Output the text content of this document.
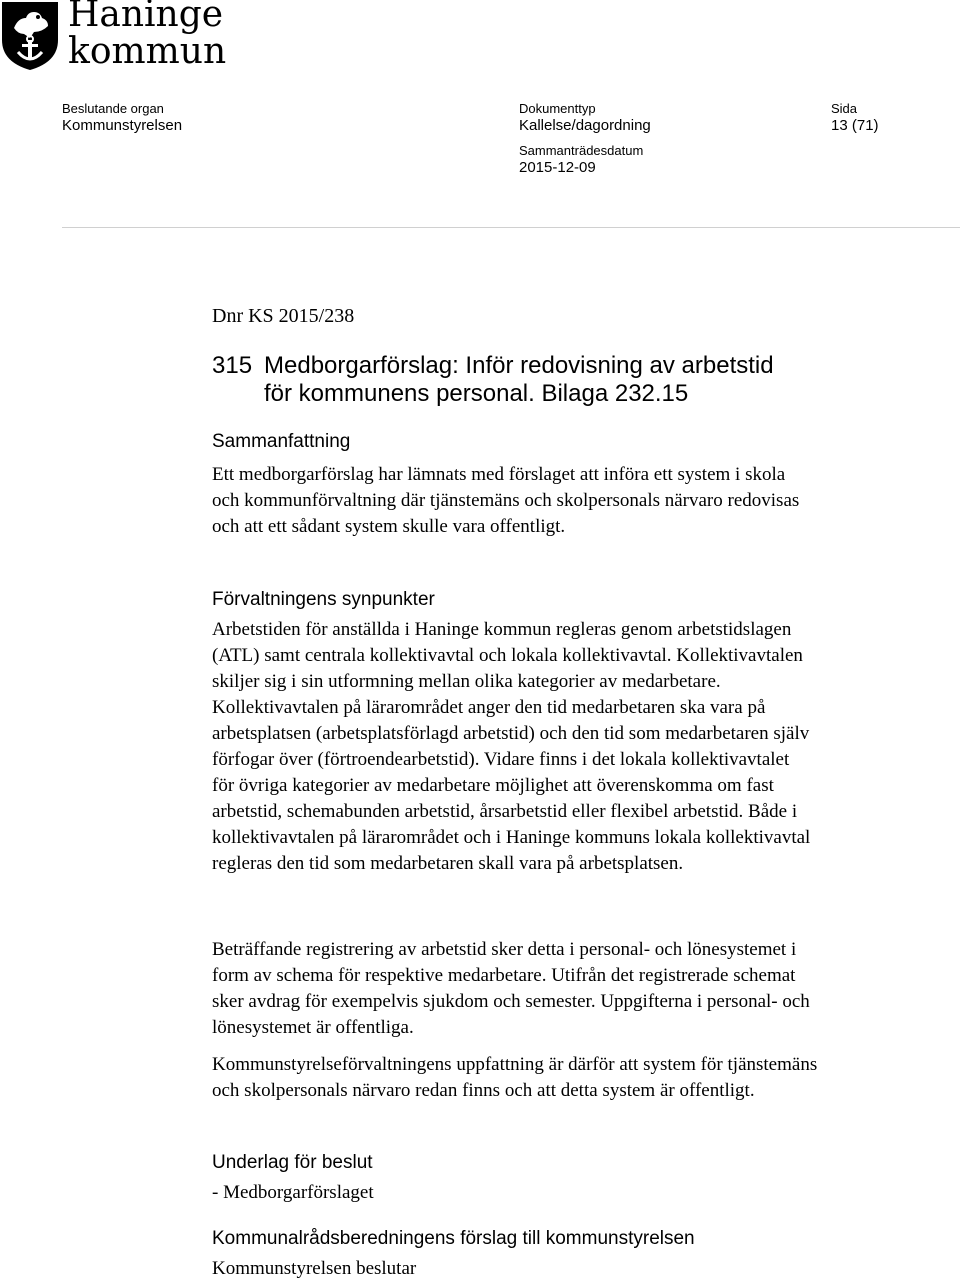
Haninge
kommun
Beslutande organ
Kommunstyrelsen
Dokumenttyp
Kallelse/dagordning
Sammanträdesdatum
2015-12-09
Sida
13 (71)
Dnr KS 2015/238
315 Medborgarförslag: Inför redovisning av arbetstid
för kommunens personal. Bilaga 232.15
Sammanfattning

Ett medborgarförslag har lämnats med förslaget att införa ett system i skola och kommunförvaltning där tjänstemäns och skolpersonals närvaro redovisas och att ett sådant system skulle vara offentligt.

Förvaltningens synpunkter

Arbetstiden för anställda i Haninge kommun regleras genom arbetstidslagen (ATL) samt centrala kollektivavtal och lokala kollektivavtal. Kollektivavtalen skiljer sig i sin utformning mellan olika kategorier av medarbetare. Kollektivavtalen på lärarområdet anger den tid medarbetaren ska vara på arbetsplatsen (arbetsplatsförlagd arbetstid) och den tid som medarbetaren själv förfogar över (förtroendearbetstid). Vidare finns i det lokala kollektivavtalet för övriga kategorier av medarbetare möjlighet att överenskomma om fast arbetstid, schemabunden arbetstid, årsarbetstid eller flexibel arbetstid. Både i kollektivavtalen på lärarområdet och i Haninge kommuns lokala kollektivavtal regleras den tid som medarbetaren skall vara på arbetsplatsen.

Beträffande registrering av arbetstid sker detta i personal- och lönesystemet i form av schema för respektive medarbetare. Utifrån det registrerade schemat sker avdrag för exempelvis sjukdom och semester. Uppgifterna i personal- och lönesystemet är offentliga.

Kommunstyrelseförvaltningens uppfattning är därför att system för tjänstemäns och skolpersonals närvaro redan finns och att detta system är offentligt.

Underlag för beslut

- Medborgarförslaget

Kommunalrådsberedningens förslag till kommunstyrelsen

Kommunstyrelsen beslutar
